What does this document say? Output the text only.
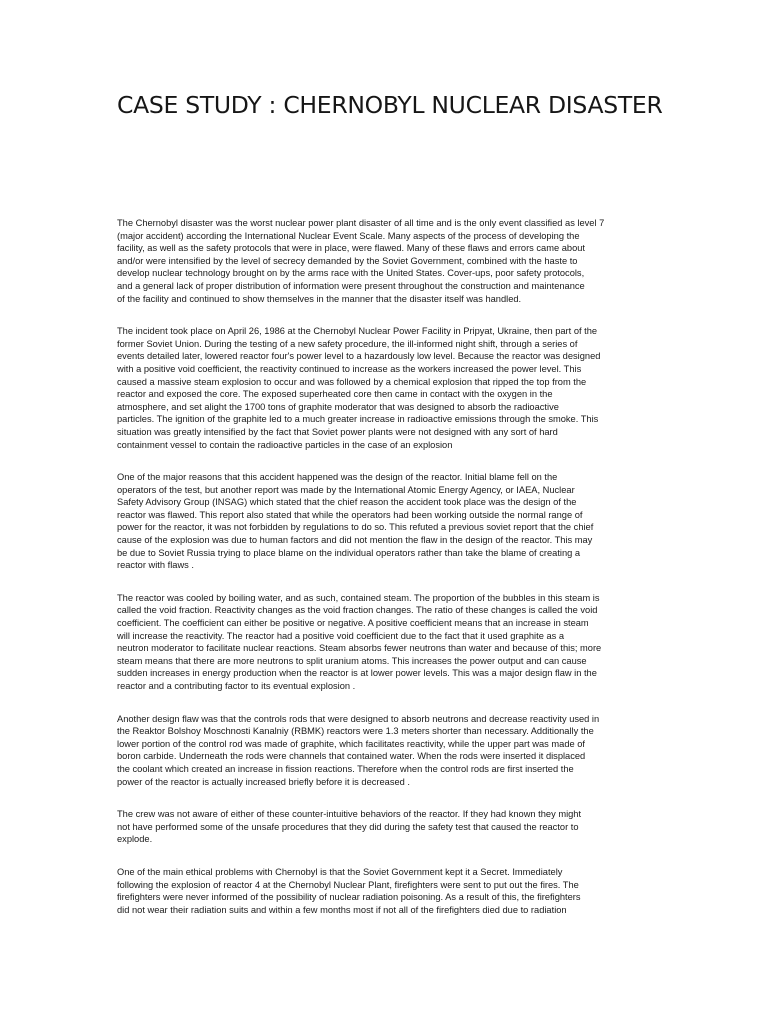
CASE STUDY : CHERNOBYL NUCLEAR DISASTER

The Chernobyl disaster was the worst nuclear power plant disaster of all time and is the only event classified as level 7
(major accident) according the International Nuclear Event Scale. Many aspects of the process of developing the
facility, as well as the safety protocols that were in place, were flawed. Many of these flaws and errors came about
and/or were intensified by the level of secrecy demanded by the Soviet Government, combined with the haste to
develop nuclear technology brought on by the arms race with the United States. Cover-ups, poor safety protocols,
and a general lack of proper distribution of information were present throughout the construction and maintenance
of the facility and continued to show themselves in the manner that the disaster itself was handled.

The incident took place on April 26, 1986 at the Chernobyl Nuclear Power Facility in Pripyat, Ukraine, then part of the
former Soviet Union. During the testing of a new safety procedure, the ill-informed night shift, through a series of
events detailed later, lowered reactor four's power level to a hazardously low level. Because the reactor was designed
with a positive void coefficient, the reactivity continued to increase as the workers increased the power level. This
caused a massive steam explosion to occur and was followed by a chemical explosion that ripped the top from the
reactor and exposed the core. The exposed superheated core then came in contact with the oxygen in the
atmosphere, and set alight the 1700 tons of graphite moderator that was designed to absorb the radioactive
particles. The ignition of the graphite led to a much greater increase in radioactive emissions through the smoke. This
situation was greatly intensified by the fact that Soviet power plants were not designed with any sort of hard
containment vessel to contain the radioactive particles in the case of an explosion

One of the major reasons that this accident happened was the design of the reactor. Initial blame fell on the
operators of the test, but another report was made by the International Atomic Energy Agency, or IAEA, Nuclear
Safety Advisory Group (INSAG) which stated that the chief reason the accident took place was the design of the
reactor was flawed. This report also stated that while the operators had been working outside the normal range of
power for the reactor, it was not forbidden by regulations to do so. This refuted a previous soviet report that the chief
cause of the explosion was due to human factors and did not mention the flaw in the design of the reactor. This may
be due to Soviet Russia trying to place blame on the individual operators rather than take the blame of creating a
reactor with flaws .

The reactor was cooled by boiling water, and as such, contained steam. The proportion of the bubbles in this steam is
called the void fraction. Reactivity changes as the void fraction changes. The ratio of these changes is called the void
coefficient. The coefficient can either be positive or negative. A positive coefficient means that an increase in steam
will increase the reactivity. The reactor had a positive void coefficient due to the fact that it used graphite as a
neutron moderator to facilitate nuclear reactions. Steam absorbs fewer neutrons than water and because of this; more
steam means that there are more neutrons to split uranium atoms. This increases the power output and can cause
sudden increases in energy production when the reactor is at lower power levels. This was a major design flaw in the
reactor and a contributing factor to its eventual explosion .

Another design flaw was that the controls rods that were designed to absorb neutrons and decrease reactivity used in
the Reaktor Bolshoy Moschnosti Kanalniy (RBMK) reactors were 1.3 meters shorter than necessary. Additionally the
lower portion of the control rod was made of graphite, which facilitates reactivity, while the upper part was made of
boron carbide. Underneath the rods were channels that contained water. When the rods were inserted it displaced
the coolant which created an increase in fission reactions. Therefore when the control rods are first inserted the
power of the reactor is actually increased briefly before it is decreased .

The crew was not aware of either of these counter-intuitive behaviors of the reactor. If they had known they might
not have performed some of the unsafe procedures that they did during the safety test that caused the reactor to
explode.

One of the main ethical problems with Chernobyl is that the Soviet Government kept it a Secret. Immediately
following the explosion of reactor 4 at the Chernobyl Nuclear Plant, firefighters were sent to put out the fires. The
firefighters were never informed of the possibility of nuclear radiation poisoning. As a result of this, the firefighters
did not wear their radiation suits and within a few months most if not all of the firefighters died due to radiation
